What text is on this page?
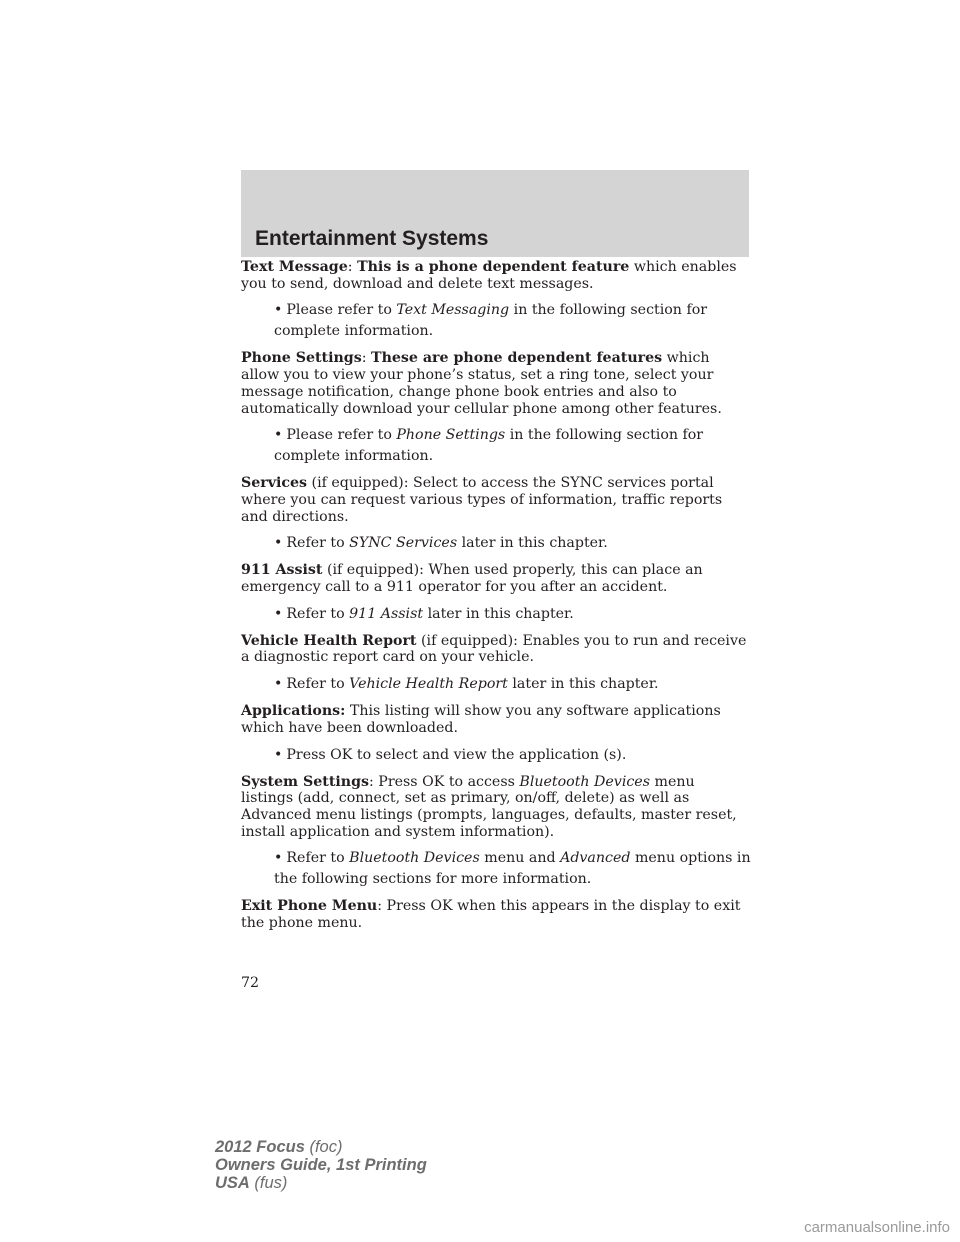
Entertainment Systems

Text Message: This is a phone dependent feature which enables you to send, download and delete text messages.

• Please refer to Text Messaging in the following section for complete information.

Phone Settings: These are phone dependent features which allow you to view your phone’s status, set a ring tone, select your message notification, change phone book entries and also to automatically download your cellular phone among other features.

• Please refer to Phone Settings in the following section for complete information.

Services (if equipped): Select to access the SYNC services portal where you can request various types of information, traffic reports and directions.

• Refer to SYNC Services later in this chapter.

911 Assist (if equipped): When used properly, this can place an emergency call to a 911 operator for you after an accident.

• Refer to 911 Assist later in this chapter.

Vehicle Health Report (if equipped): Enables you to run and receive a diagnostic report card on your vehicle.

• Refer to Vehicle Health Report later in this chapter.

Applications: This listing will show you any software applications which have been downloaded.

• Press OK to select and view the application (s).

System Settings: Press OK to access Bluetooth Devices menu listings (add, connect, set as primary, on/off, delete) as well as Advanced menu listings (prompts, languages, defaults, master reset, install application and system information).

• Refer to Bluetooth Devices menu and Advanced menu options in the following sections for more information.

Exit Phone Menu: Press OK when this appears in the display to exit the phone menu.

72
2012 Focus (foc)
Owners Guide, 1st Printing
USA (fus)
carmanualsonline.info
